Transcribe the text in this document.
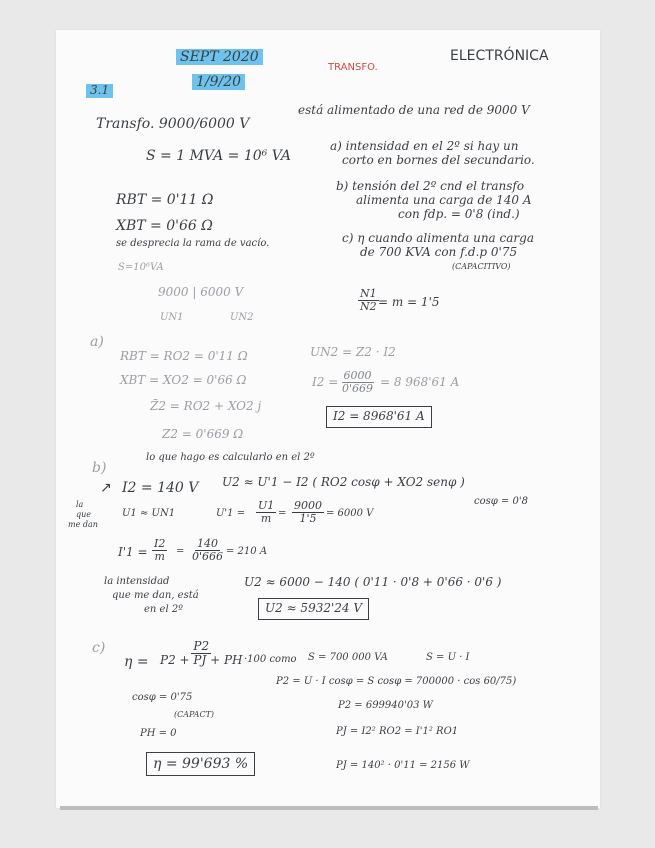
SEPT 2020
1/9/20
TRANSFO.
ELECTRÓNICA
3.1
Transfo. 9000/6000 V
está alimentado de una red de 9000 V
S = 1 MVA = 10⁶ VA
a) intensidad en el 2º si hay un
corto en bornes del secundario.
RBT = 0'11 Ω
b) tensión del 2º cnd el transfo
alimenta una carga de 140 A
con fdp. = 0'8 (ind.)
XBT = 0'66 Ω
se desprecia la rama de vacío.	c) η cuando alimenta una carga
de 700 KVA con f.d.p 0'75
(CAPACITIVO)
S=10⁶VA
9000 | 6000 V
UN1	UN2
$\frac{N1}{N2} = m = 1'5$
a)
RBT = RO2 = 0'11 Ω
XBT = XO2 = 0'66 Ω
Z̄2 = RO2 + XO2 j
Z2 = 0'669 Ω
UN2 = Z2 · I2
$I2 = \frac{6000}{0'669} = 8$ 968'61 A
I2 = 8968'61 A
b)
lo que hago es calcularlo en el 2º
↗ I2 = 140 V U2 ≈ U'1 − I2 ( RO2 cosφ + XO2 senφ )
cosφ = 0'8
la
que
me dan
U1 ≈ UN1	$U'1 = \frac{U1}{m} = \frac{9000}{1'5} = 6000$ V
$I'1 = \frac{I2}{m} = \frac{140}{0'666} = 210$ A
la intensidad
que me dan, está
en el 2º
U2 ≈ 6000 − 140 ( 0'11 · 0'8 + 0'66 · 0'6 )
U2 ≈ 5932'24 V
c)
$\eta = \frac{P2}{P2 + PJ + PH} \cdot 100$ como S = 700 000 VA	S = U · I
P2 = U · I cosφ = S cosφ = 700000 · cos 60/75)
cosφ = 0'75
(CAPACT)
P2 = 699940'03 W
PH = 0	PJ = I2² RO2 = I'1² RO1
η = 99'693 %	PJ = 140² · 0'11 = 2156 W
